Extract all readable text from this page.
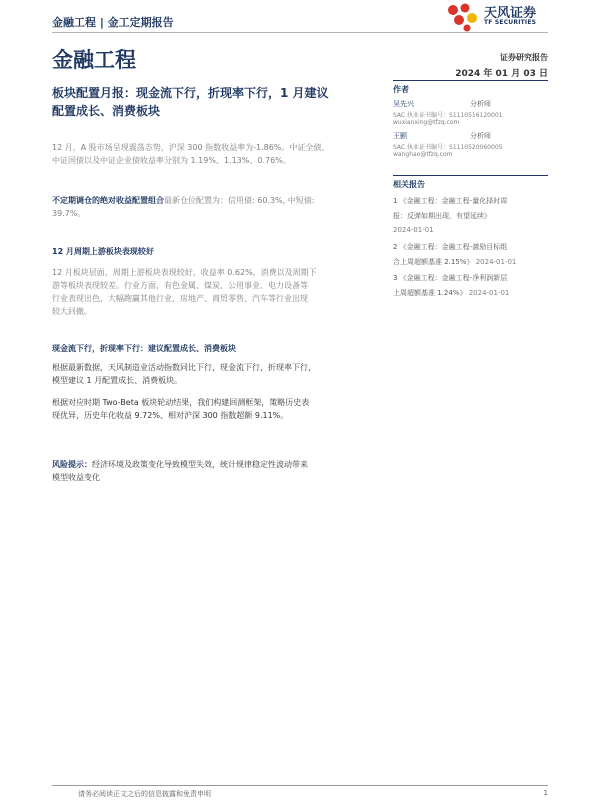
金融工程 | 金工定期报告
天风证券
TF SECURITIES
金融工程	证券研究报告
2024 年 01 月 03 日
板块配置月报：现金流下行，折现率下行，1 月建议
配置成长、消费板块
12 月，A 股市场呈现震荡态势，沪深 300 指数收益率为-1.86%。中证全债、
中证国债以及中证企业债收益率分别为 1.19%、1.13%、0.76%。
不定期调仓的绝对收益配置组合最新仓位配置为：信用债: 60.3%, 中短债:
39.7%。
12 月周期上游板块表现较好
12 月板块层面，周期上游板块表现较好，收益率 0.62%，消费以及周期下
游等板块表现较差。行业方面，有色金属、煤炭、公用事业、电力设备等
行业表现出色，大幅跑赢其他行业，房地产、商贸零售、汽车等行业出现
较大回撤。
现金流下行，折现率下行：建议配置成长、消费板块
根据最新数据，天风制造业活动指数同比下行，现金流下行，折现率下行，
模型建议 1 月配置成长、消费板块。
根据对应时期 Two-Beta 板块轮动结果，我们构建回测框架，策略历史表
现优异，历史年化收益 9.72%、相对沪深 300 指数超额 9.11%。
风险提示：经济环境及政策变化导致模型失效，统计规律稳定性波动带来
模型收益变化
作者
吴先兴	分析师
SAC 执业证书编号：S1110516120001
wuxianxing@tfzq.com
王颢	分析师
SAC 执业证书编号：S1110520060005
wanghao@tfzq.com
相关报告
1 《金融工程：金融工程-量化择时周
报：反弹如期出现，有望延续》
2024-01-01
2 《金融工程：金融工程-激励目标组
合上周超额基准 2.15%》 2024-01-01
3 《金融工程：金融工程-净利润新层
上周超额基准 1.24%》 2024-01-01
请务必阅读正文之后的信息披露和免责申明	1
